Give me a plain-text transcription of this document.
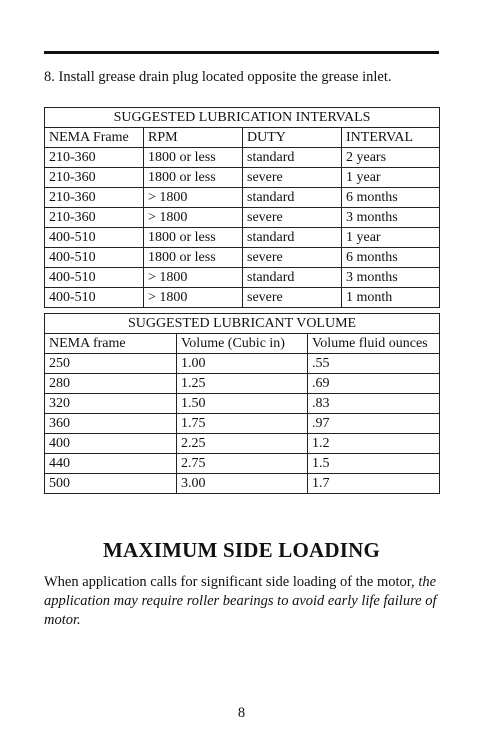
8. Install grease drain plug located opposite the grease inlet.
SUGGESTED LUBRICATION INTERVALS			
NEMA Frame	RPM	DUTY	INTERVAL
210-360	1800 or less	standard	2 years
210-360	1800 or less	severe	1 year
210-360	> 1800	standard	6 months
210-360	> 1800	severe	3 months
400-510	1800 or less	standard	1 year
400-510	1800 or less	severe	6 months
400-510	> 1800	standard	3 months
400-510	> 1800	severe	1 month
SUGGESTED LUBRICANT VOLUME		
NEMA frame	Volume (Cubic in)	Volume fluid ounces
250	1.00	.55
280	1.25	.69
320	1.50	.83
360	1.75	.97
400	2.25	1.2
440	2.75	1.5
500	3.00	1.7
MAXIMUM SIDE LOADING
When application calls for significant side loading of the motor, the application may require roller bearings to avoid early life failure of motor.
8
